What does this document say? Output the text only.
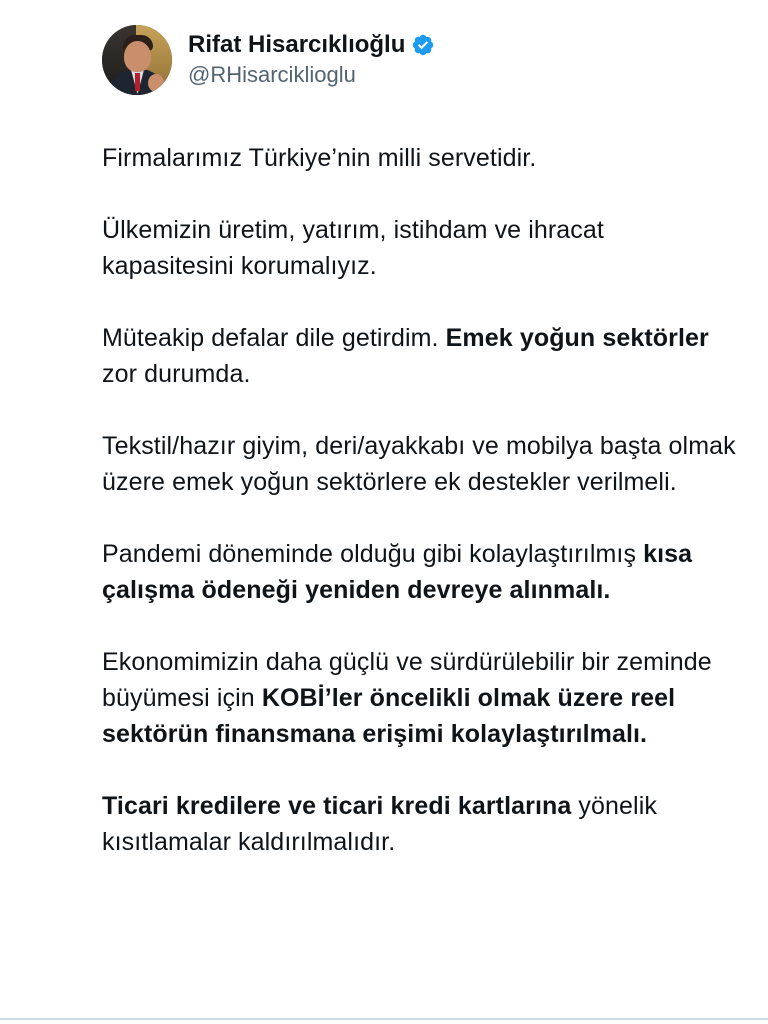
Rifat Hisarcıklıoğlu
@RHisarciklioglu

Firmalarımız Türkiye’nin milli servetidir.

Ülkemizin üretim, yatırım, istihdam ve ihracat kapasitesini korumalıyız.

Müteakip defalar dile getirdim. Emek yoğun sektörler zor durumda.

Tekstil/hazır giyim, deri/ayakkabı ve mobilya başta olmak üzere emek yoğun sektörlere ek destekler verilmeli.

Pandemi döneminde olduğu gibi kolaylaştırılmış kısa çalışma ödeneği yeniden devreye alınmalı.

Ekonomimizin daha güçlü ve sürdürülebilir bir zeminde büyümesi için KOBİ’ler öncelikli olmak üzere reel sektörün finansmana erişimi kolaylaştırılmalı.

Ticari kredilere ve ticari kredi kartlarına yönelik kısıtlamalar kaldırılmalıdır.
